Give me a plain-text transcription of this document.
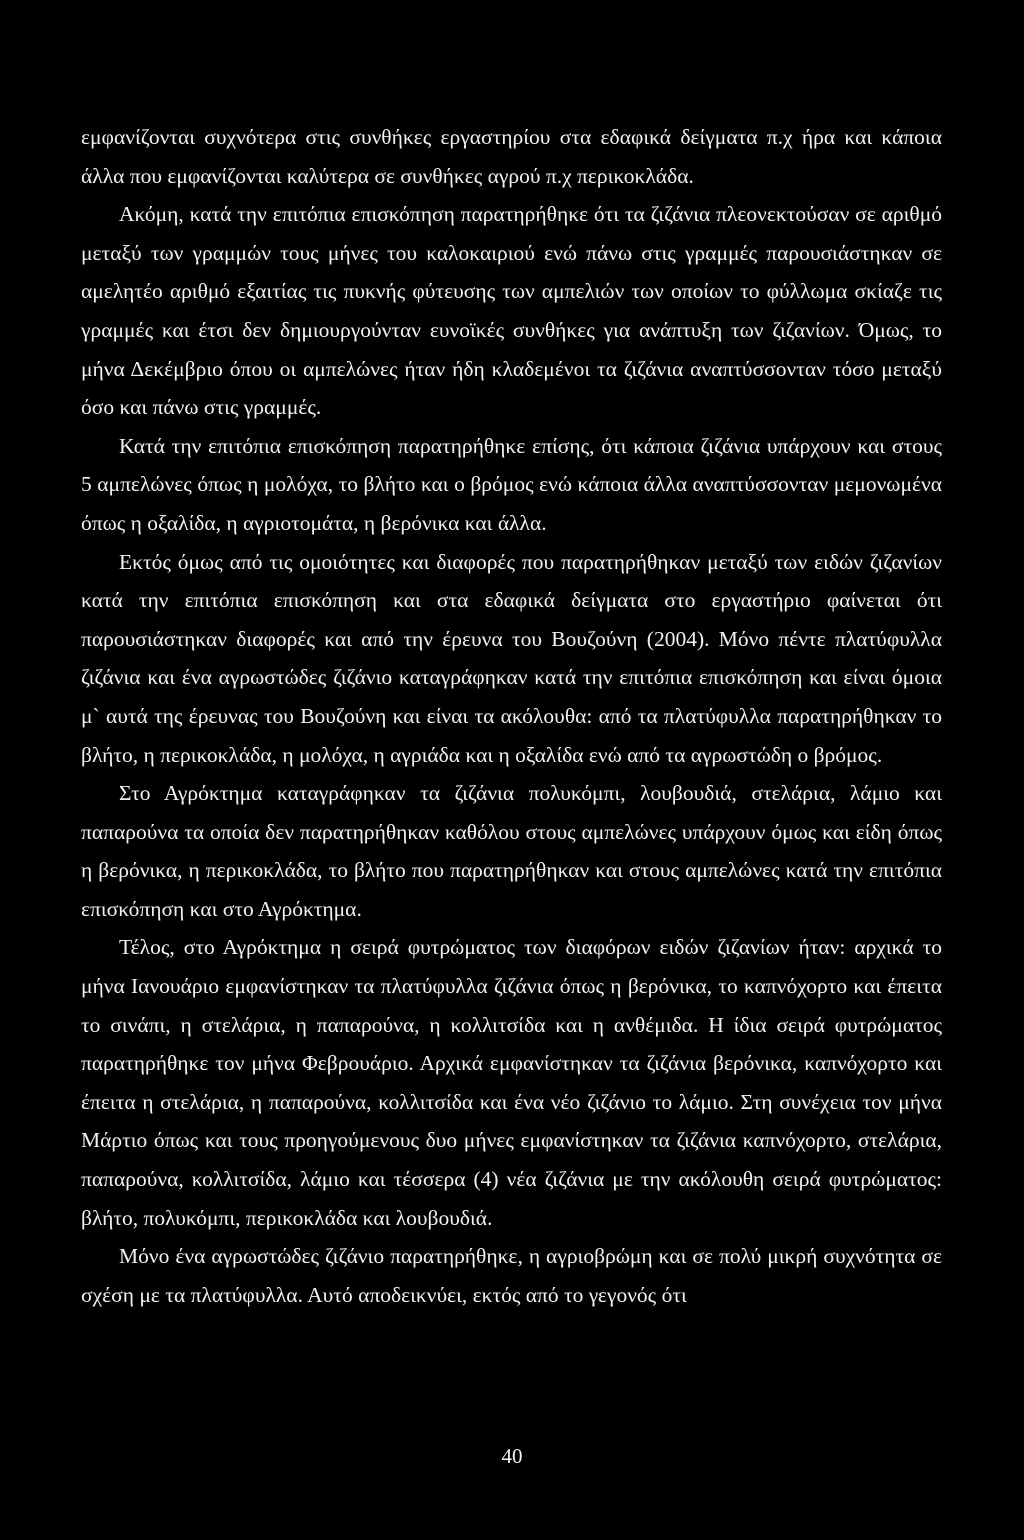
εμφανίζονται συχνότερα στις συνθήκες εργαστηρίου στα εδαφικά δείγματα π.χ ήρα και κάποια άλλα που εμφανίζονται καλύτερα σε συνθήκες αγρού π.χ περικοκλάδα.

Ακόμη, κατά την επιτόπια επισκόπηση παρατηρήθηκε ότι τα ζιζάνια πλεονεκτούσαν σε αριθμό μεταξύ των γραμμών τους μήνες του καλοκαιριού ενώ πάνω στις γραμμές παρουσιάστηκαν σε αμελητέο αριθμό εξαιτίας τις πυκνής φύτευσης των αμπελιών των οποίων το φύλλωμα σκίαζε τις γραμμές και έτσι δεν δημιουργούνταν ευνοϊκές συνθήκες για ανάπτυξη των ζιζανίων. Όμως, το μήνα Δεκέμβριο όπου οι αμπελώνες ήταν ήδη κλαδεμένοι τα ζιζάνια αναπτύσσονταν τόσο μεταξύ όσο και πάνω στις γραμμές.

Κατά την επιτόπια επισκόπηση παρατηρήθηκε επίσης, ότι κάποια ζιζάνια υπάρχουν και στους 5 αμπελώνες όπως η μολόχα, το βλήτο και ο βρόμος ενώ κάποια άλλα αναπτύσσονταν μεμονωμένα όπως η οξαλίδα, η αγριοτομάτα, η βερόνικα και άλλα.

Εκτός όμως από τις ομοιότητες και διαφορές που παρατηρήθηκαν μεταξύ των ειδών ζιζανίων κατά την επιτόπια επισκόπηση και στα εδαφικά δείγματα στο εργαστήριο φαίνεται ότι παρουσιάστηκαν διαφορές και από την έρευνα του Βουζούνη (2004). Μόνο πέντε πλατύφυλλα ζιζάνια και ένα αγρωστώδες ζιζάνιο καταγράφηκαν κατά την επιτόπια επισκόπηση και είναι όμοια μ` αυτά της έρευνας του Βουζούνη και είναι τα ακόλουθα: από τα πλατύφυλλα παρατηρήθηκαν το βλήτο, η περικοκλάδα, η μολόχα, η αγριάδα και η οξαλίδα ενώ από τα αγρωστώδη ο βρόμος.

Στο Αγρόκτημα καταγράφηκαν τα ζιζάνια πολυκόμπι, λουβουδιά, στελάρια, λάμιο και παπαρούνα τα οποία δεν παρατηρήθηκαν καθόλου στους αμπελώνες υπάρχουν όμως και είδη όπως η βερόνικα, η περικοκλάδα, το βλήτο που παρατηρήθηκαν και στους αμπελώνες κατά την επιτόπια επισκόπηση και στο Αγρόκτημα.

Τέλος, στο Αγρόκτημα η σειρά φυτρώματος των διαφόρων ειδών ζιζανίων ήταν: αρχικά το μήνα Ιανουάριο εμφανίστηκαν τα πλατύφυλλα ζιζάνια όπως η βερόνικα, το καπνόχορτο και έπειτα το σινάπι, η στελάρια, η παπαρούνα, η κολλιτσίδα και η ανθέμιδα. Η ίδια σειρά φυτρώματος παρατηρήθηκε τον μήνα Φεβρουάριο. Αρχικά εμφανίστηκαν τα ζιζάνια βερόνικα, καπνόχορτο και έπειτα η στελάρια, η παπαρούνα, κολλιτσίδα και ένα νέο ζιζάνιο το λάμιο. Στη συνέχεια τον μήνα Μάρτιο όπως και τους προηγούμενους δυο μήνες εμφανίστηκαν τα ζιζάνια καπνόχορτο, στελάρια, παπαρούνα, κολλιτσίδα, λάμιο και τέσσερα (4) νέα ζιζάνια με την ακόλουθη σειρά φυτρώματος: βλήτο, πολυκόμπι, περικοκλάδα και λουβουδιά.

Μόνο ένα αγρωστώδες ζιζάνιο παρατηρήθηκε, η αγριοβρώμη και σε πολύ μικρή συχνότητα σε σχέση με τα πλατύφυλλα. Αυτό αποδεικνύει, εκτός από το γεγονός ότι

40
